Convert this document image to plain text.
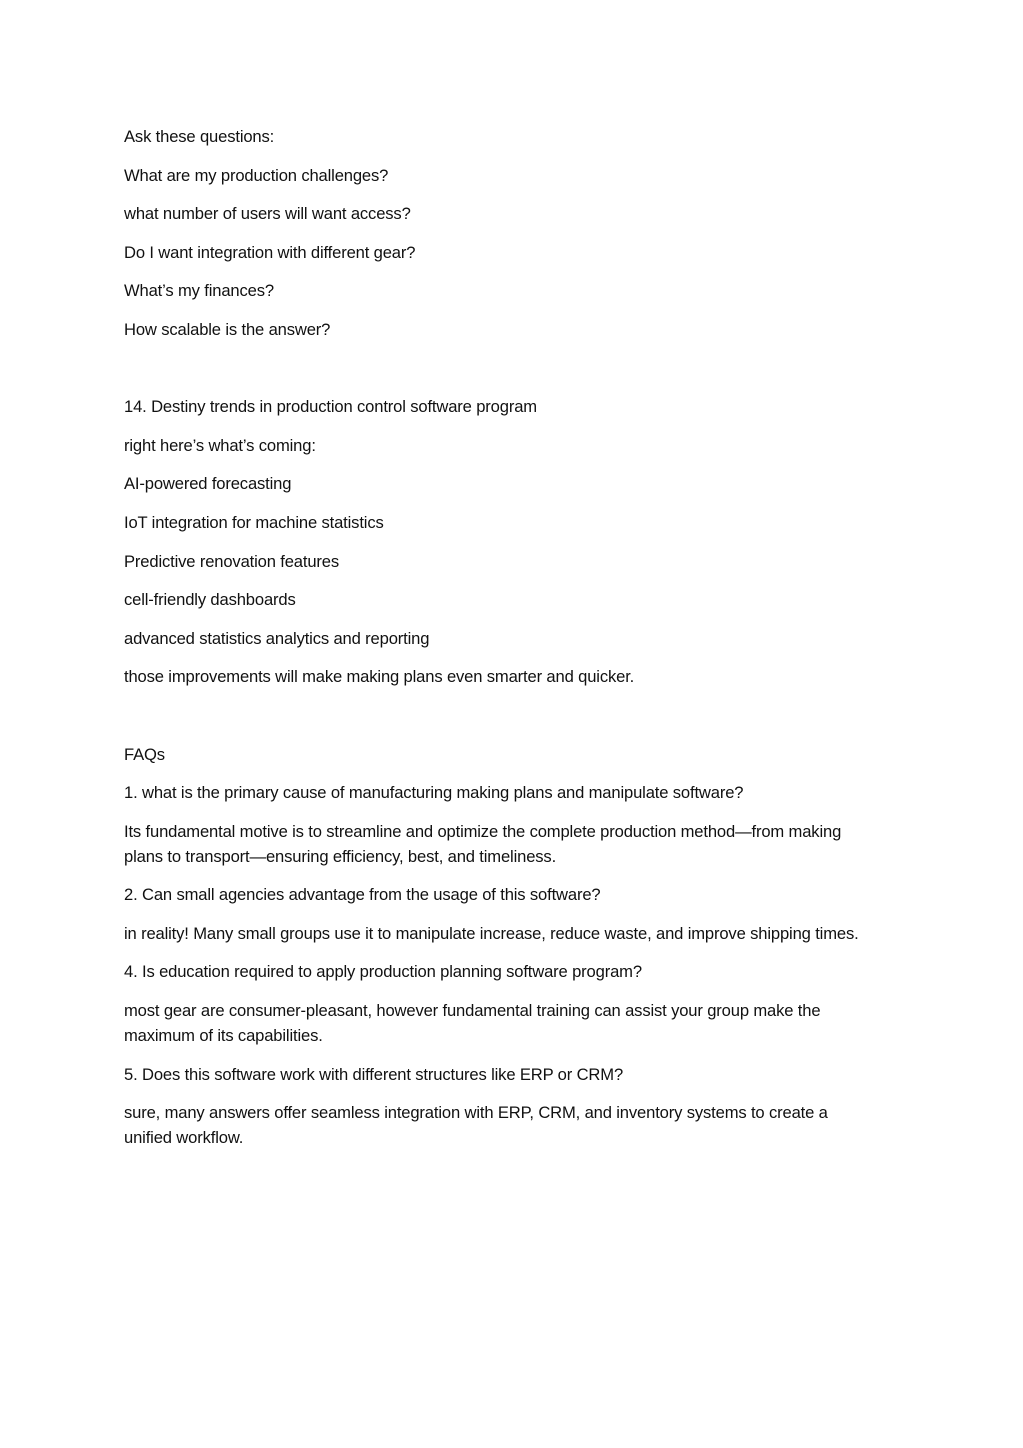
Ask these questions:

What are my production challenges?

what number of users will want access?

Do I want integration with different gear?

What’s my finances?

How scalable is the answer?

14. Destiny trends in production control software program

right here’s what’s coming:

AI-powered forecasting

IoT integration for machine statistics

Predictive renovation features

cell-friendly dashboards

advanced statistics analytics and reporting

those improvements will make making plans even smarter and quicker.

FAQs

1. what is the primary cause of manufacturing making plans and manipulate software?

Its fundamental motive is to streamline and optimize the complete production method—from making plans to transport—ensuring efficiency, best, and timeliness.

2. Can small agencies advantage from the usage of this software?

in reality! Many small groups use it to manipulate increase, reduce waste, and improve shipping times.

4. Is education required to apply production planning software program?

most gear are consumer-pleasant, however fundamental training can assist your group make the maximum of its capabilities.

5. Does this software work with different structures like ERP or CRM?

sure, many answers offer seamless integration with ERP, CRM, and inventory systems to create a unified workflow.
